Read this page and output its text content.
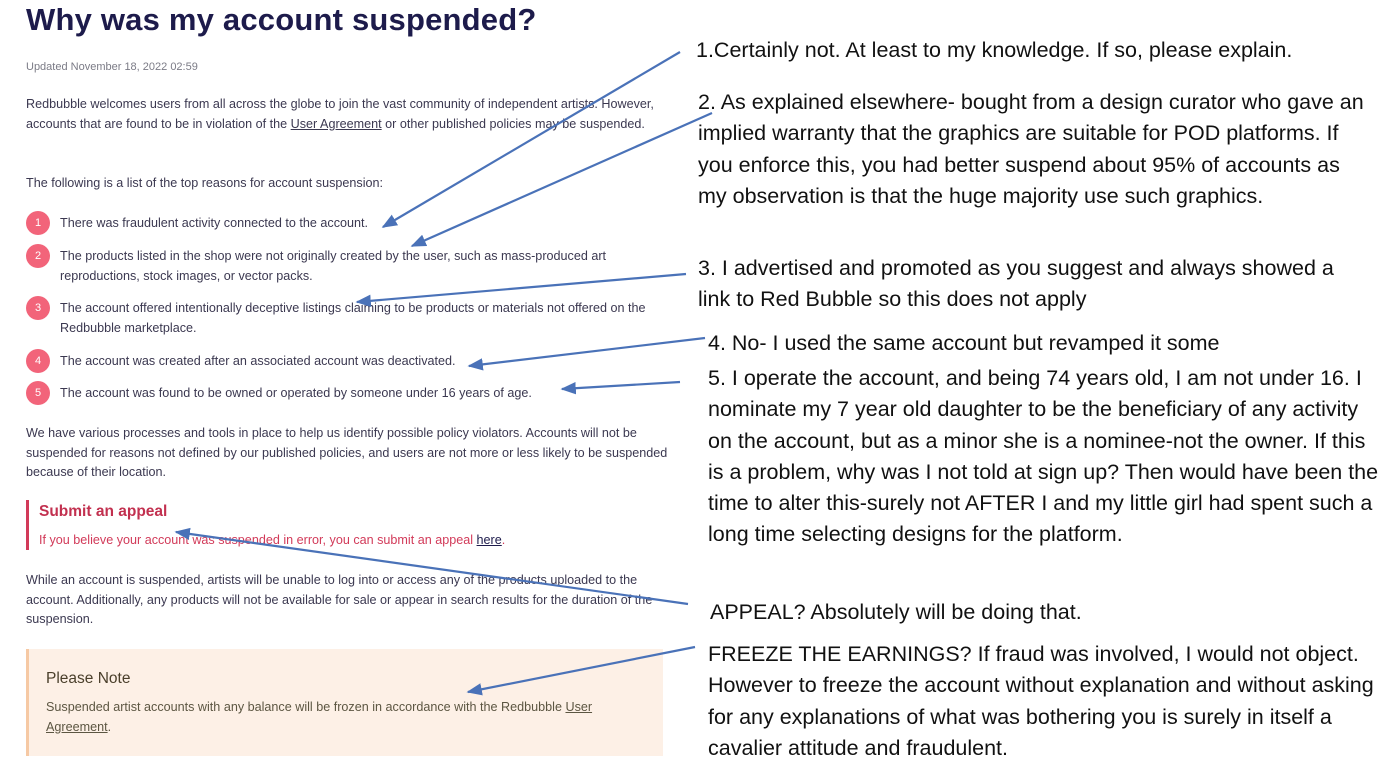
Why was my account suspended?
Updated November 18, 2022 02:59

Redbubble welcomes users from all across the globe to join the vast community of independent artists. However, accounts that are found to be in violation of the User Agreement or other published policies may be suspended.

The following is a list of the top reasons for account suspension:

1	There was fraudulent activity connected to the account.
2	The products listed in the shop were not originally created by the user, such as mass-produced art reproductions, stock images, or vector packs.
3	The account offered intentionally deceptive listings claiming to be products or materials not offered on the Redbubble marketplace.
4	The account was created after an associated account was deactivated.
5	The account was found to be owned or operated by someone under 16 years of age.

We have various processes and tools in place to help us identify possible policy violators. Accounts will not be suspended for reasons not defined by our published policies, and users are not more or less likely to be suspended because of their location.

Submit an appeal
If you believe your account was suspended in error, you can submit an appeal here.

While an account is suspended, artists will be unable to log into or access any of the products uploaded to the account. Additionally, any products will not be available for sale or appear in search results for the duration of the suspension.

Please Note
Suspended artist accounts with any balance will be frozen in accordance with the Redbubble User Agreement.

1.Certainly not. At least to my knowledge. If so, please explain.

2. As explained elsewhere- bought from a design curator who gave an implied warranty that the graphics are suitable for POD platforms. If you enforce this, you had better suspend about 95% of accounts as my observation is that the huge majority use such graphics.

3. I advertised and promoted as you suggest and always showed a link to Red Bubble so this does not apply

4. No- I used the same account but revamped it some

5. I operate the account, and being 74 years old, I am not under 16. I nominate my 7 year old daughter to be the beneficiary of any activity on the account, but as a minor she is a nominee-not the owner. If this is a problem, why was I not told at sign up? Then would have been the time to alter this-surely not AFTER I and my little girl had spent such a long time selecting designs for the platform.

APPEAL? Absolutely will be doing that.

FREEZE THE EARNINGS? If fraud was involved, I would not object. However to freeze the account without explanation and without asking for any explanations of what was bothering you is surely in itself a cavalier attitude and fraudulent.
